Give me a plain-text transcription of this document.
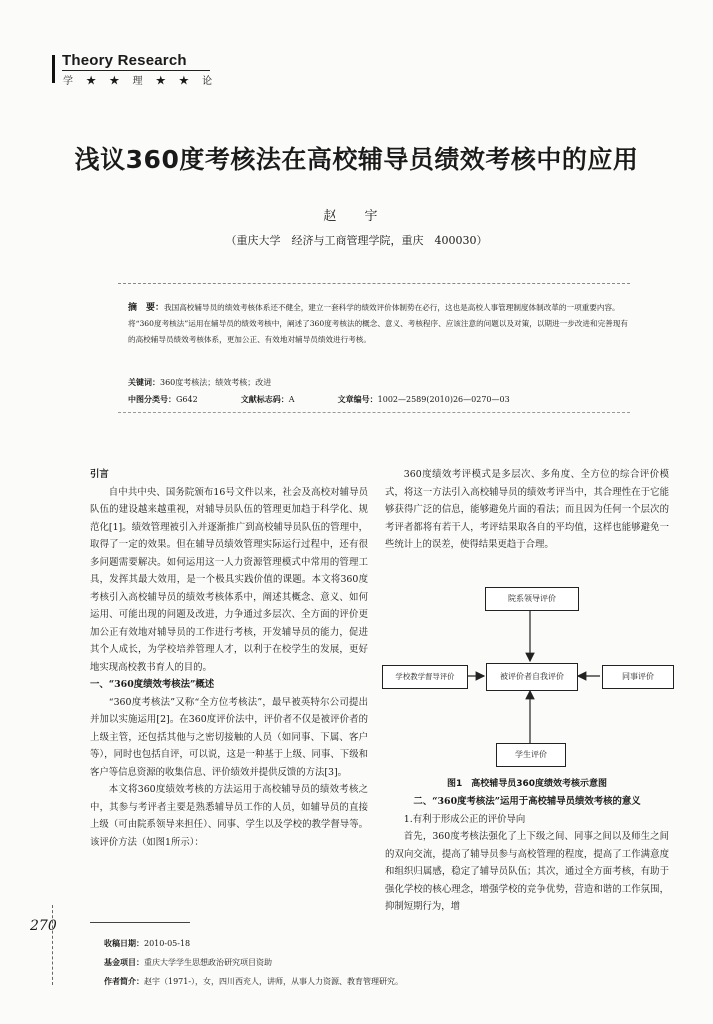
Theory Research
学 ★ ★ 理 ★ ★ 论
浅议360度考核法在高校辅导员绩效考核中的应用
赵 宇
（重庆大学　经济与工商管理学院，重庆　400030）
摘　要：我国高校辅导员的绩效考核体系还不健全，建立一套科学的绩效评价体制势在必行，这也是高校人事管理制度体制改革的一项重要内容。将“360度考核法”运用在辅导员的绩效考核中，阐述了360度考核法的概念、意义、考核程序、应该注意的问题以及对策，以期进一步改进和完善现有的高校辅导员绩效考核体系，更加公正、有效地对辅导员绩效进行考核。
关键词：360度考核法；绩效考核；改进
中图分类号：G642	文献标志码：A	文章编号：1002—2589(2010)26—0270—03
引言

自中共中央、国务院颁布16号文件以来，社会及高校对辅导员队伍的建设越来越重视，对辅导员队伍的管理更加趋于科学化、规范化[1]。绩效管理被引入并逐渐推广到高校辅导员队伍的管理中，取得了一定的效果。但在辅导员绩效管理实际运行过程中，还有很多问题需要解决。如何运用这一人力资源管理模式中常用的管理工具，发挥其最大效用，是一个极具实践价值的课题。本文将360度考核引入高校辅导员的绩效考核体系中，阐述其概念、意义、如何运用、可能出现的问题及改进，力争通过多层次、全方面的评价更加公正有效地对辅导员的工作进行考核，开发辅导员的能力，促进其个人成长，为学校培养管理人才，以利于在校学生的发展，更好地实现高校教书育人的目的。

一、“360度绩效考核法”概述

“360度考核法”又称“全方位考核法”，最早被英特尔公司提出并加以实施运用[2]。在360度评价法中，评价者不仅是被评价者的上级主管，还包括其他与之密切接触的人员（如同事、下属、客户等），同时也包括自评，可以说，这是一种基于上级、同事、下级和客户等信息资源的收集信息、评价绩效并提供反馈的方法[3]。

本文将360度绩效考核的方法运用于高校辅导员的绩效考核之中，其参与考评者主要是熟悉辅导员工作的人员，如辅导员的直接上级（可由院系领导来担任）、同事、学生以及学校的教学督导等。该评价方法（如图1所示）：

360度绩效考评模式是多层次、多角度、全方位的综合评价模式，将这一方法引入高校辅导员的绩效考评当中，其合理性在于它能够获得广泛的信息，能够避免片面的看法；而且因为任何一个层次的考评者都将有若干人，考评结果取各自的平均值，这样也能够避免一些统计上的误差，使得结果更趋于合理。

院系领导评价
学校教学督导评价	被评价者自我评价	同事评价
学生评价
图1　高校辅导员360度绩效考核示意图
二、“360度考核法”运用于高校辅导员绩效考核的意义

1.有利于形成公正的评价导向

首先，360度考核法强化了上下级之间、同事之间以及师生之间的双向交流，提高了辅导员参与高校管理的程度，提高了工作满意度和组织归属感，稳定了辅导员队伍；其次，通过全方面考核，有助于强化学校的核心理念，增强学校的竞争优势，营造和谐的工作氛围，抑制短期行为，增

270
收稿日期：2010-05-18
基金项目：重庆大学学生思想政治研究项目资助
作者简介：赵宇（1971-），女，四川西充人，讲师，从事人力资源、教育管理研究。
